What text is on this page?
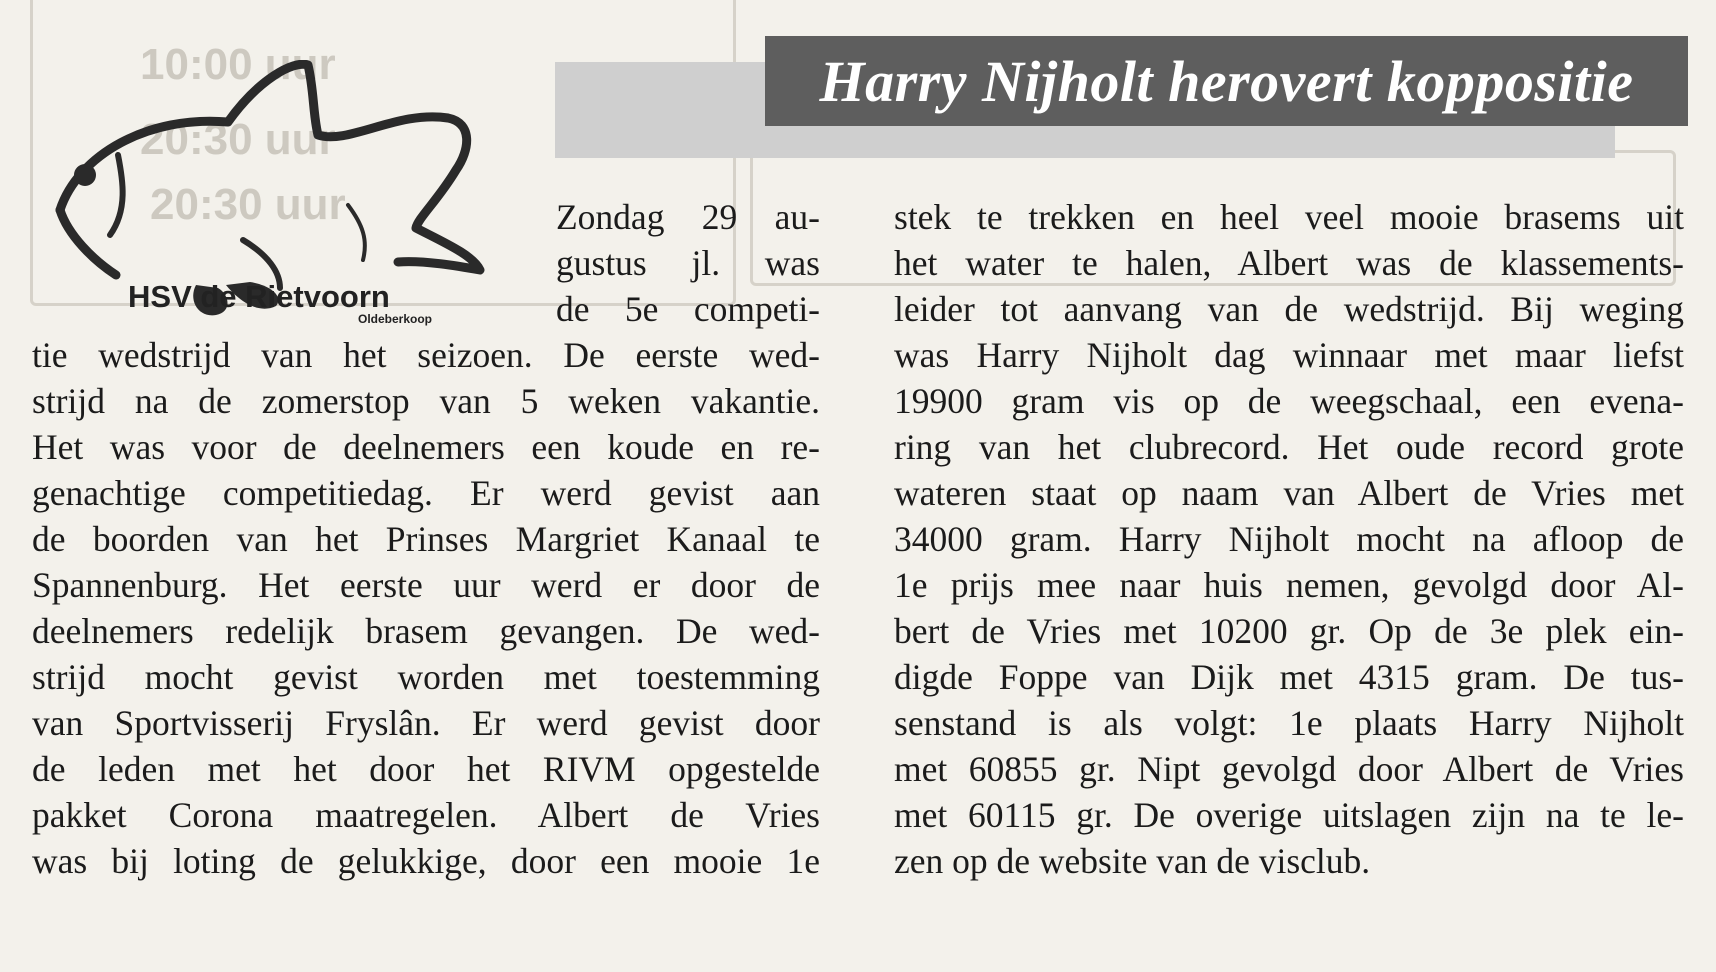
10:00 uur
20:30 uur
20:30 uur
Harry Nijholt herovert koppositie
HSV de Rietvoorn
Oldeberkoop
Zondag 29 au-
gustus jl. was
de 5e competi-
tie wedstrijd van het seizoen. De eerste wed-
strijd na de zomerstop van 5 weken vakantie.
Het was voor de deelnemers een koude en re-
genachtige competitiedag. Er werd gevist aan
de boorden van het Prinses Margriet Kanaal te
Spannenburg. Het eerste uur werd er door de
deelnemers redelijk brasem gevangen. De wed-
strijd mocht gevist worden met toestemming
van Sportvisserij Fryslân. Er werd gevist door
de leden met het door het RIVM opgestelde
pakket Corona maatregelen. Albert de Vries
was bij loting de gelukkige, door een mooie 1e
stek te trekken en heel veel mooie brasems uit
het water te halen, Albert was de klassements-
leider tot aanvang van de wedstrijd. Bij weging
was Harry Nijholt dag winnaar met maar liefst
19900 gram vis op de weegschaal, een evena-
ring van het clubrecord. Het oude record grote
wateren staat op naam van Albert de Vries met
34000 gram. Harry Nijholt mocht na afloop de
1e prijs mee naar huis nemen, gevolgd door Al-
bert de Vries met 10200 gr. Op de 3e plek ein-
digde Foppe van Dijk met 4315 gram. De tus-
senstand is als volgt: 1e plaats Harry Nijholt
met 60855 gr. Nipt gevolgd door Albert de Vries
met 60115 gr. De overige uitslagen zijn na te le-
zen op de website van de visclub.
